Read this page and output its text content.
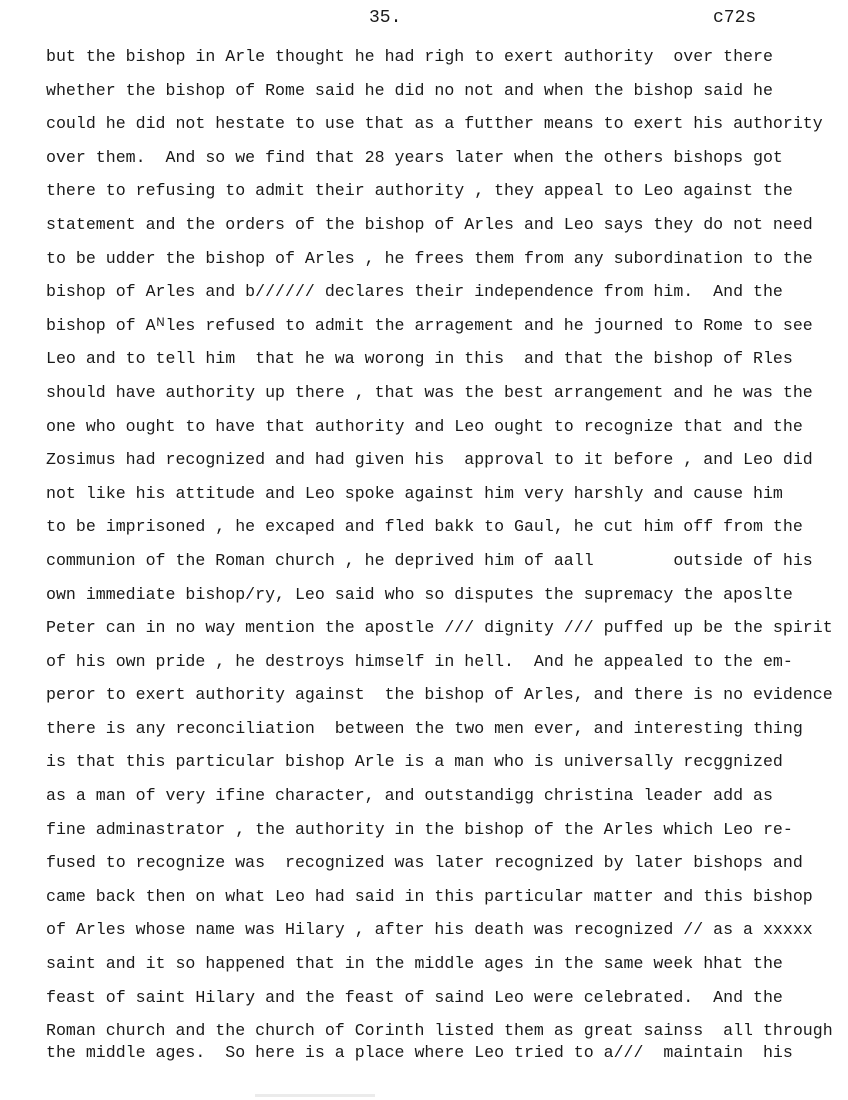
35.	c72s
but the bishop in Arle thought he had righ to exert authority  over there
whether the bishop of Rome said he did no not and when the bishop said he
could he did not hestate to use that as a futther means to exert his authority
over them.  And so we find that 28 years later when the others bishops got
there to refusing to admit their authority , they appeal to Leo against the
statement and the orders of the bishop of Arles and Leo says they do not need
to be udder the bishop of Arles , he frees them from any subordination to the
bishop of Arles and b////// declares their independence from him.  And the
bishop of Aᴺles refused to admit the arragement and he journed to Rome to see
Leo and to tell him  that he wa worong in this  and that the bishop of Rles
should have authority up there , that was the best arrangement and he was the
one who ought to have that authority and Leo ought to recognize that and the
Zosimus had recognized and had given his  approval to it before , and Leo did
not like his attitude and Leo spoke against him very harshly and cause him
to be imprisoned , he excaped and fled bakk to Gaul, he cut him off from the
communion of the Roman church , he deprived him of aall        outside of his
own immediate bishop/ry, Leo said who so disputes the supremacy the aposlte
Peter can in no way mention the apostle /// dignity /// puffed up be the spirit
of his own pride , he destroys himself in hell.  And he appealed to the em-
peror to exert authority against  the bishop of Arles, and there is no evidence
there is any reconciliation  between the two men ever, and interesting thing
is that this particular bishop Arle is a man who is universally recggnized
as a man of very ifine character, and outstandigg christina leader add as
fine adminastrator , the authority in the bishop of the Arles which Leo re-
fused to recognize was  recognized was later recognized by later bishops and
came back then on what Leo had said in this particular matter and this bishop
of Arles whose name was Hilary , after his death was recognized // as a xxxxx
saint and it so happened that in the middle ages in the same week hhat the
feast of saint Hilary and the feast of saind Leo were celebrated.  And the
Roman church and the church of Corinth listed them as great sainss  all through
the middle ages.  So here is a place where Leo tried to a///  maintain  his
